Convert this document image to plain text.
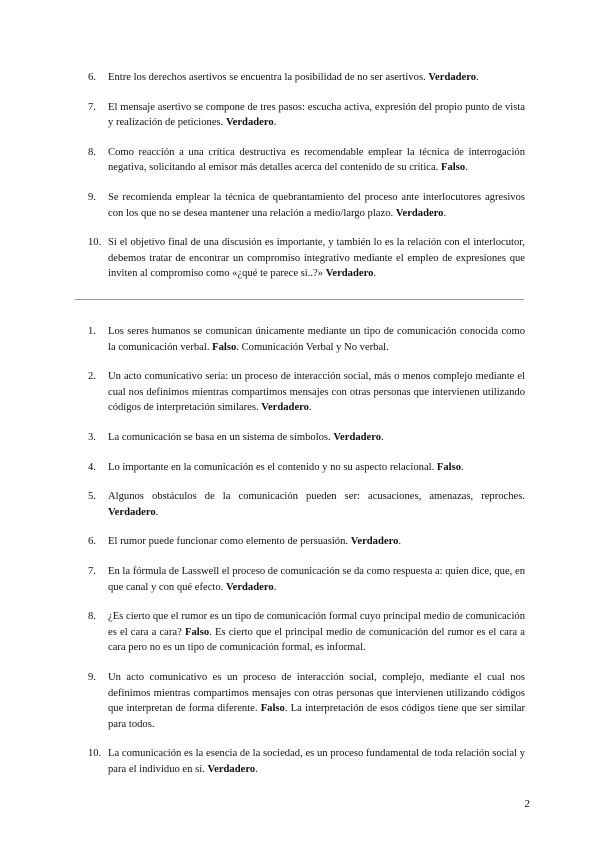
6.	Entre los derechos asertivos se encuentra la posibilidad de no ser asertivos. Verdadero.
7.	El mensaje asertivo se compone de tres pasos: escucha activa, expresión del propio punto de vista y realización de peticiones. Verdadero.
8.	Como reacción a una crítica destructiva es recomendable emplear la técnica de interrogación negativa, solicitando al emisor más detalles acerca del contenido de su crítica. Falso.
9.	Se recomienda emplear la técnica de quebrantamiento del proceso ante interlocutores agresivos con los que no se desea mantener una relación a medio/largo plazo. Verdadero.
10. Si el objetivo final de una discusión es importante, y también lo es la relación con el interlocutor, debemos tratar de encontrar un compromiso integrativo mediante el empleo de expresiones que inviten al compromiso como «¿qué te parece si..?» Verdadero.
1.	Los seres humanos se comunican únicamente mediante un tipo de comunicación conocida como la comunicación verbal. Falso. Comunicación Verbal y No verbal.
2.	Un acto comunicativo sería: un proceso de interacción social, más o menos complejo mediante el cual nos definimos mientras compartimos mensajes con otras personas que intervienen utilizando códigos de interpretación similares. Verdadero.
3.	La comunicación se basa en un sistema de símbolos. Verdadero.
4.	Lo importante en la comunicación es el contenido y no su aspecto relacional. Falso.
5.	Algunos obstáculos de la comunicación pueden ser: acusaciones, amenazas, reproches. Verdadero.
6.	El rumor puede funcionar como elemento de persuasión. Verdadero.
7.	En la fórmula de Lasswell el proceso de comunicación se da como respuesta a: quien dice, que, en que canal y con qué efecto. Verdadero.
8.	¿Es cierto que el rumor es un tipo de comunicación formal cuyo principal medio de comunicación es el cara a cara? Falso. Es cierto que el principal medio de comunicación del rumor es el cara a cara pero no es un tipo de comunicación formal, es informal.
9.	Un acto comunicativo es un proceso de interacción social, complejo, mediante el cual nos definimos mientras compartimos mensajes con otras personas que intervienen utilizando códigos que interpretan de forma diferente. Falso. La interpretación de esos códigos tiene que ser similar para todos.
10. La comunicación es la esencia de la sociedad, es un proceso fundamental de toda relación social y para el individuo en sí. Verdadero.
2
